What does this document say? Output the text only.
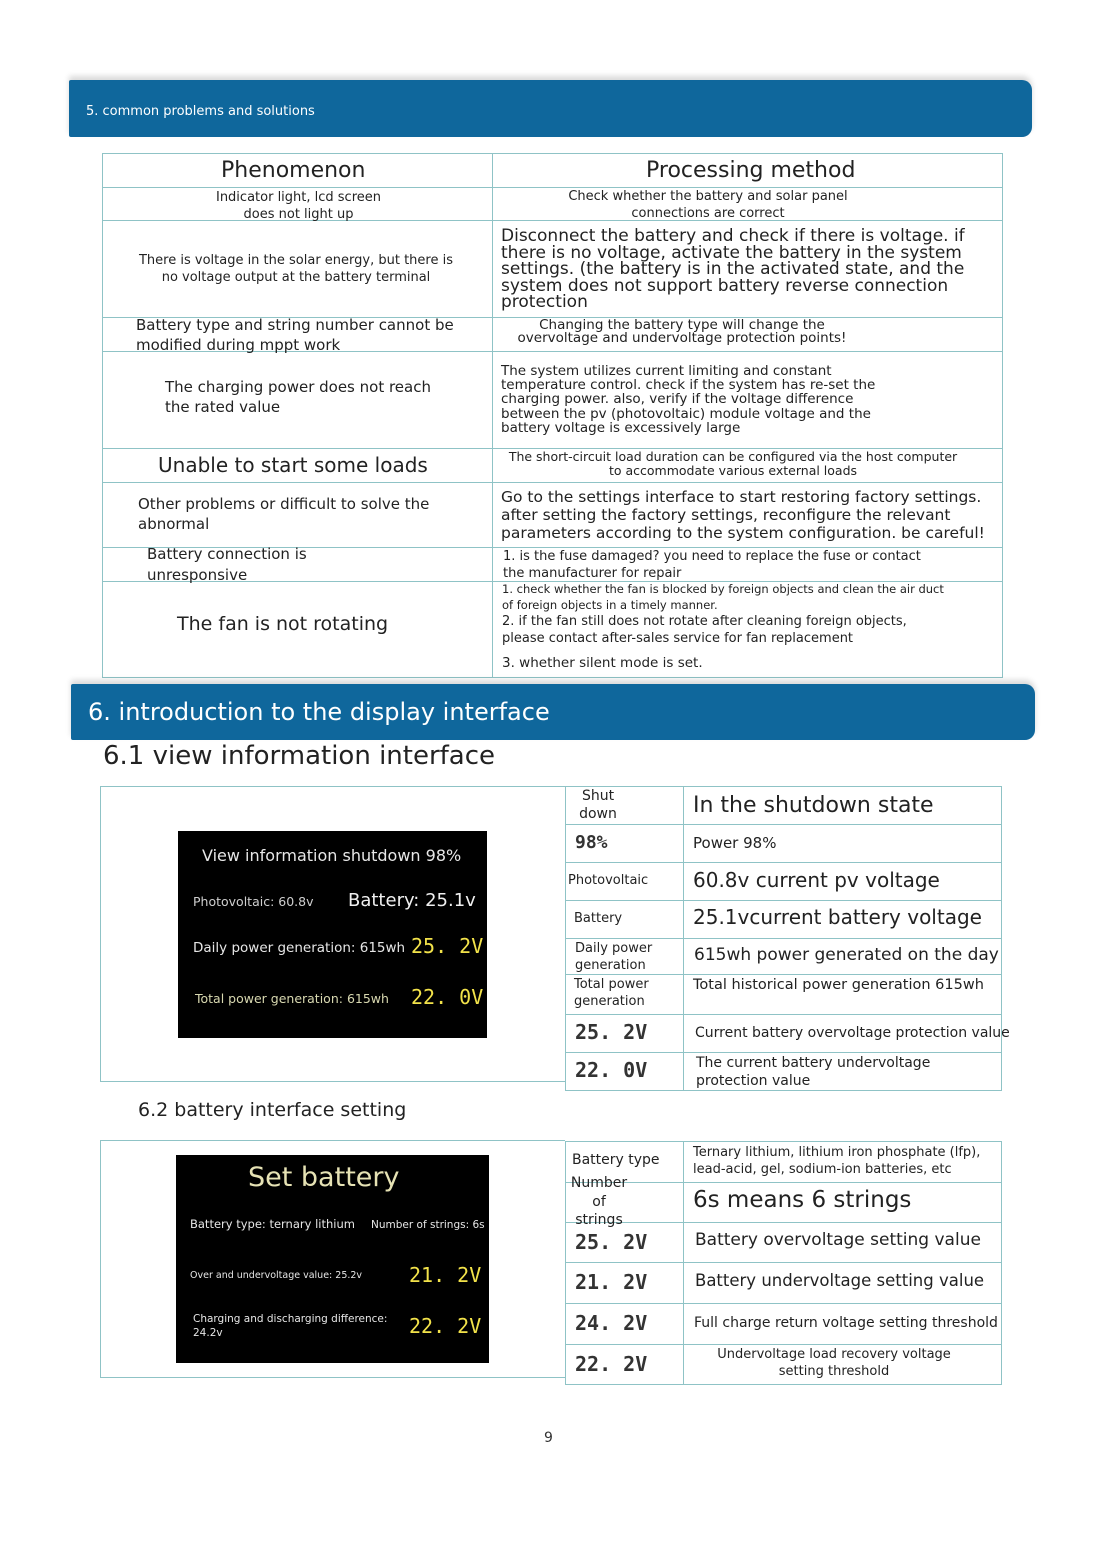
5. common problems and solutions
Phenomenon	Processing method

Indicator light, lcd screen does not light up	Check whether the battery and solar panel connections are correct

There is voltage in the solar energy, but there is no voltage output at the battery terminal	Disconnect the battery and check if there is voltage. if there is no voltage, activate the battery in the system settings. (the battery is in the activated state, and the system does not support battery reverse connection protection

Battery type and string number cannot be modified during mppt work	Changing the battery type will change the overvoltage and undervoltage protection points!

The charging power does not reach the rated value	The system utilizes current limiting and constant temperature control. check if the system has re-set the charging power. also, verify if the voltage difference between the pv (photovoltaic) module voltage and the battery voltage is excessively large

Unable to start some loads	The short-circuit load duration can be configured via the host computer to accommodate various external loads

Other problems or difficult to solve the abnormal	Go to the settings interface to start restoring factory settings. after setting the factory settings, reconfigure the relevant parameters according to the system configuration. be careful!

Battery connection is unresponsive	1. is the fuse damaged? you need to replace the fuse or contact the manufacturer for repair

The fan is not rotating	1. check whether the fan is blocked by foreign objects and clean the air duct
of foreign objects in a timely manner.
2. if the fan still does not rotate after cleaning foreign objects,
please contact after-sales service for fan replacement
3. whether silent mode is set.
6. introduction to the display interface
6.1 view information interface
View information shutdown 98%
Photovoltaic: 60.8v Battery: 25.1v
Daily power generation: 615wh 25. 2V
Total power generation: 615wh 22. 0V
Shut down	In the shutdown state

98%	Power 98%

Photovoltaic	60.8v current pv voltage

Battery	25.1vcurrent battery voltage

Daily power generation	615wh power generated on the day

Total power generation	Total historical power generation 615wh

25. 2V	Current battery overvoltage protection value

22. 0V	The current battery undervoltage protection value
6.2 battery interface setting
Set battery
Battery type: ternary lithium Number of strings: 6s
Over and undervoltage value: 25.2v 21. 2V
Charging and discharging difference: 24.2v	22. 2V
Battery type	Ternary lithium, lithium iron phosphate (lfp), lead-acid, gel, sodium-ion batteries, etc

Number of strings	6s means 6 strings

25. 2V	Battery overvoltage setting value

21. 2V	Battery undervoltage setting value

24. 2V	Full charge return voltage setting threshold

22. 2V	Undervoltage load recovery voltage setting threshold
9
